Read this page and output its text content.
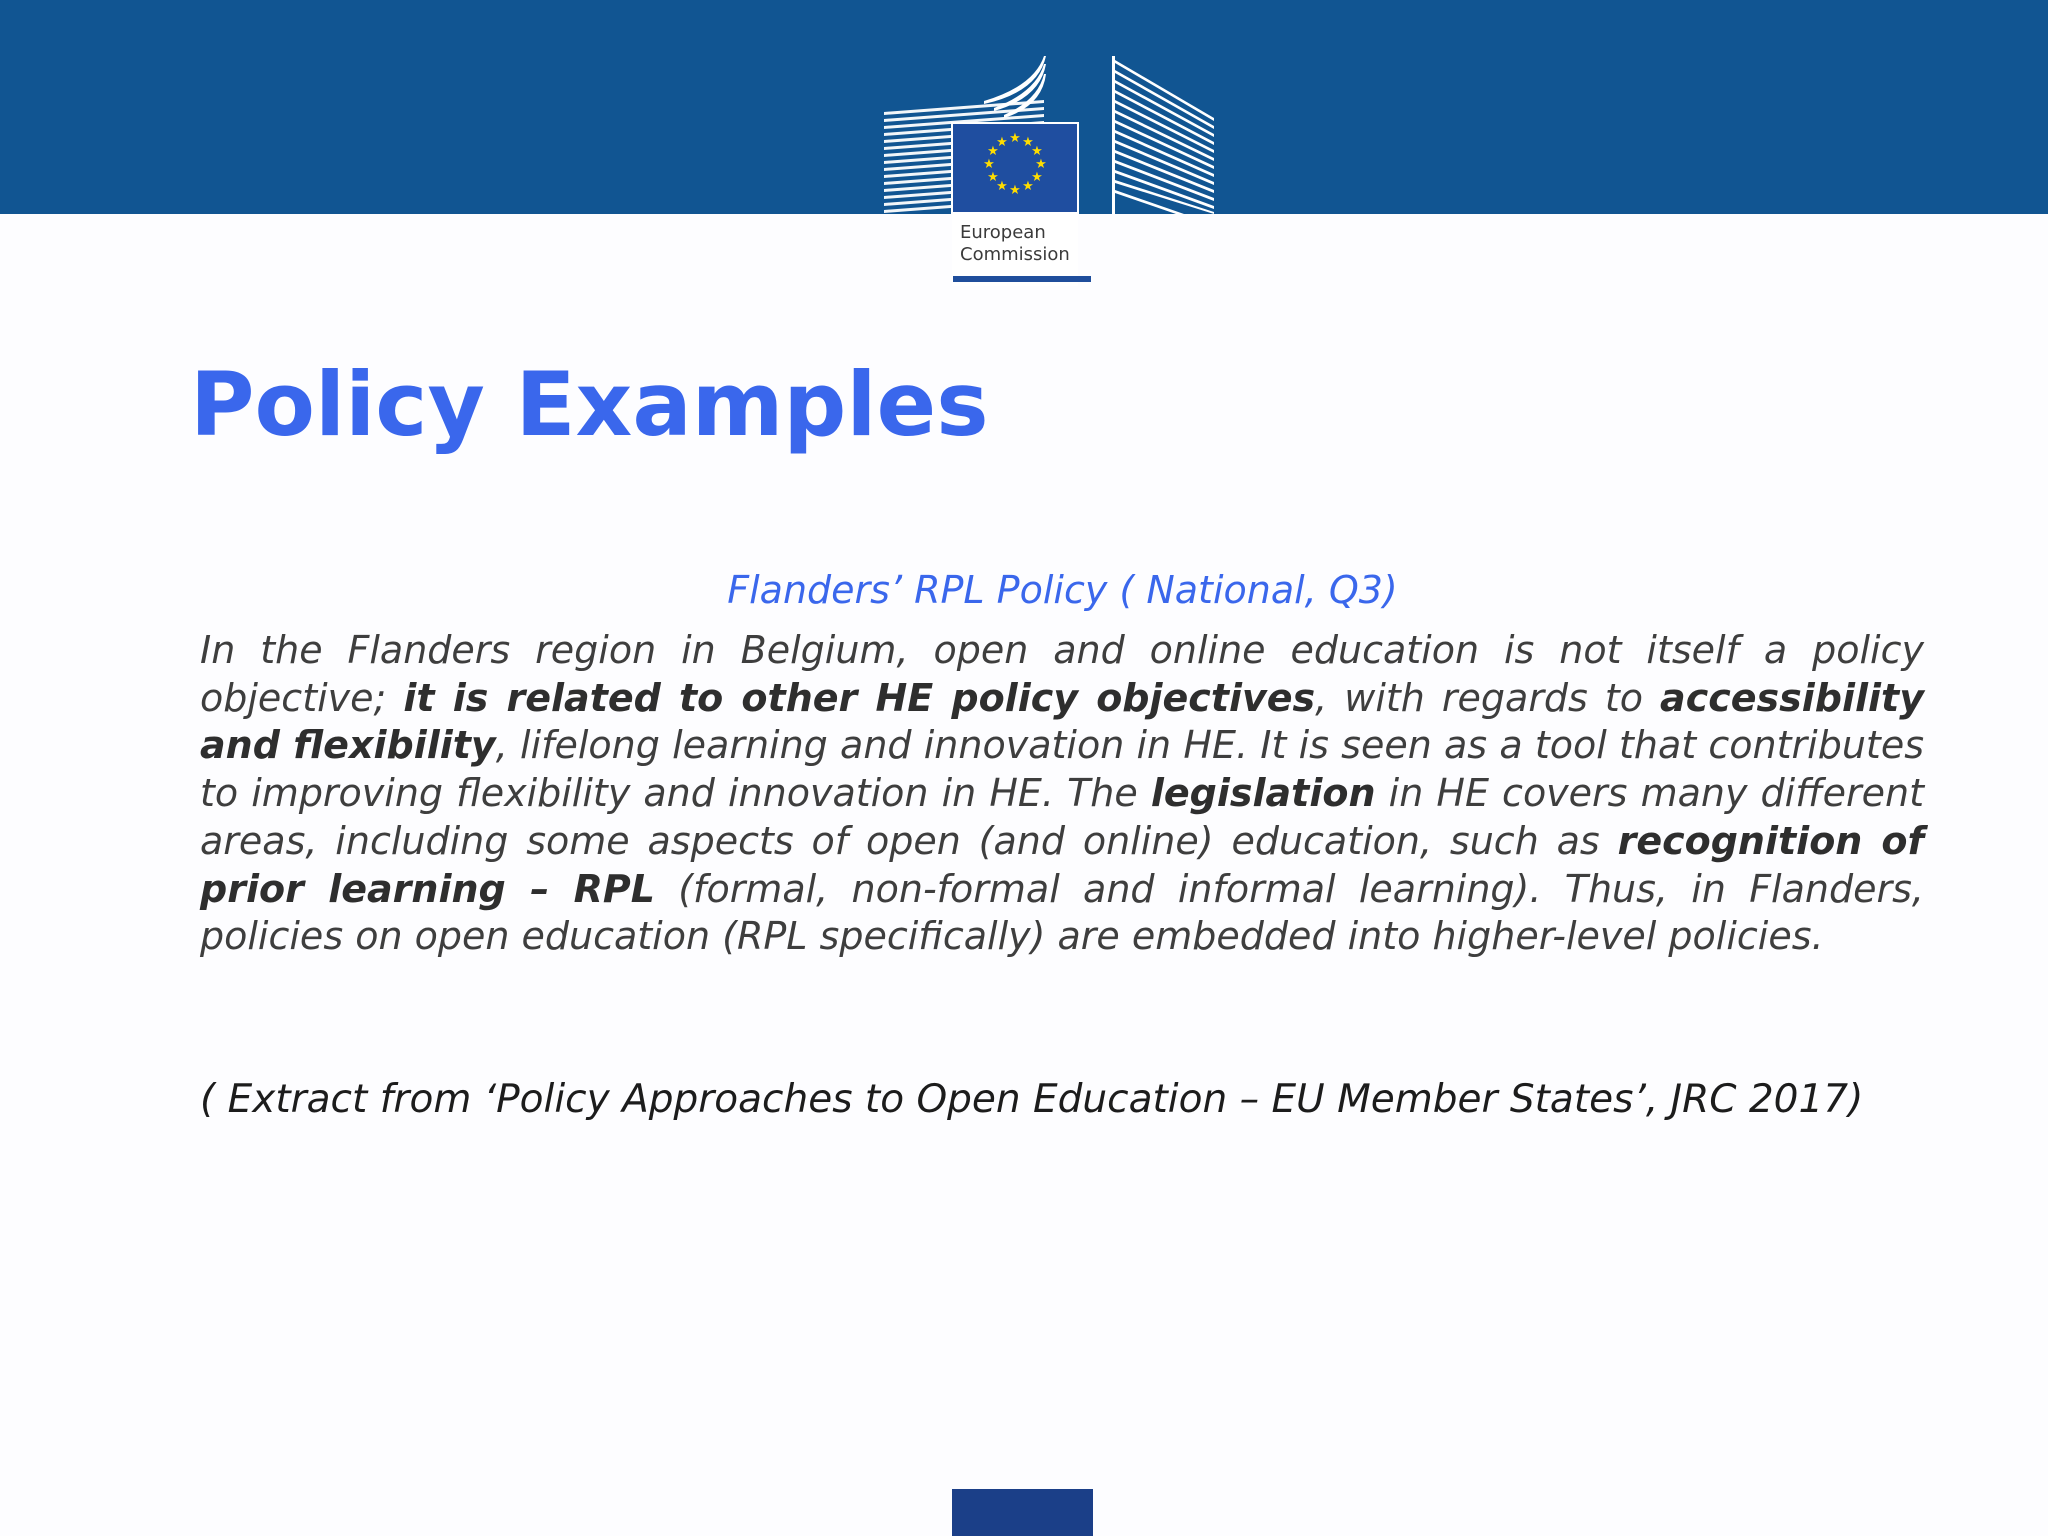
★ ★
★
★
★
★
★
★
★
★
★
★
European
Commission
Policy Examples
Flanders’ RPL Policy ( National, Q3)

In the Flanders region in Belgium, open and online education is not itself a policy objective; it is related to other HE policy objectives, with regards to accessibility and flexibility, lifelong learning and innovation in HE. It is seen as a tool that contributes to improving flexibility and innovation in HE. The legislation in HE covers many different areas, including some aspects of open (and online) education, such as recognition of prior learning – RPL (formal, non-formal and informal learning). Thus, in Flanders, policies on open education (RPL specifically) are embedded into higher-level policies.

( Extract from ‘Policy Approaches to Open Education – EU Member States’, JRC 2017)
